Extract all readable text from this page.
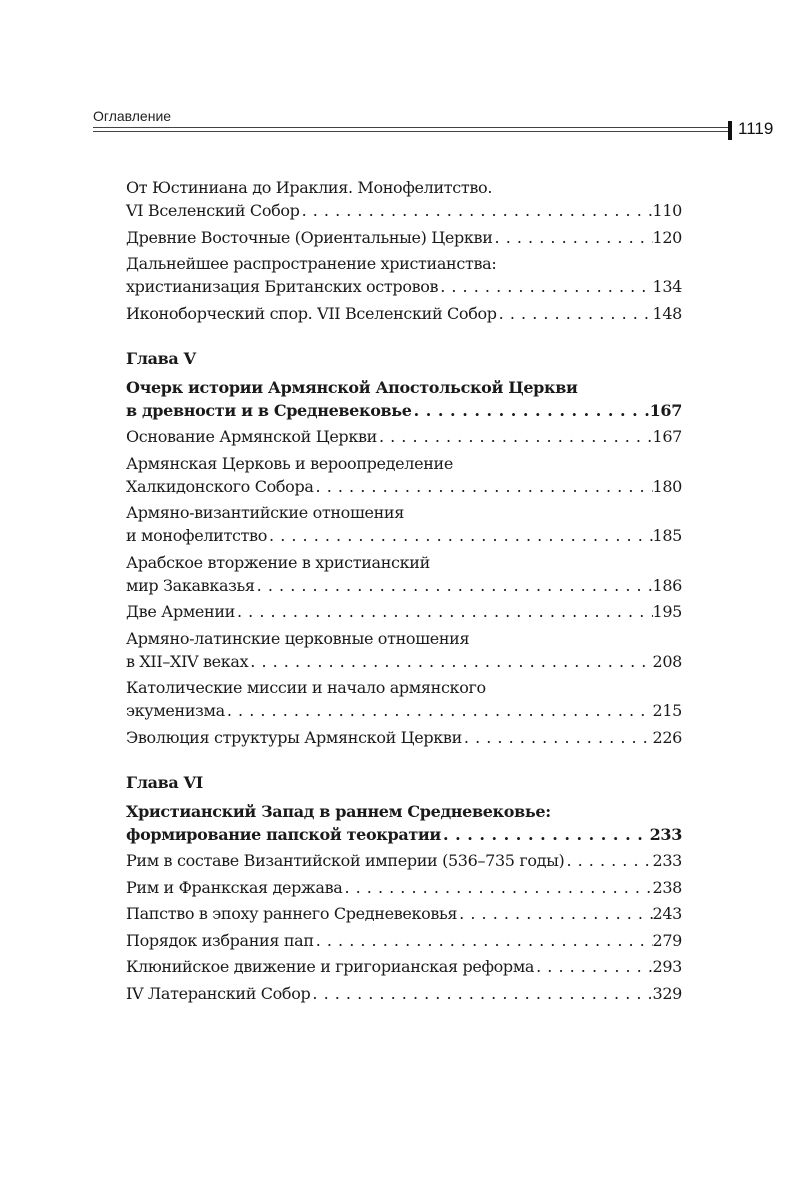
Оглавление
1119
От Юстиниана до Ираклия. Монофелитство.
VI Вселенский Собор . . .	110
Древние Восточные (Ориентальные) Церкви . . .	120
Дальнейшее распространение христианства:
христианизация Британских островов . . .	134
Иконоборческий спор. VII Вселенский Собор . . .	148
Глава V
Очерк истории Армянской Апостольской Церкви
в древности и в Средневековье . . .	167
Основание Армянской Церкви . . .	167
Армянская Церковь и вероопределение
Халкидонского Собора . . .	180
Армяно-византийские отношения
и монофелитство . . .	185
Арабское вторжение в христианский
мир Закавказья . . .	186
Две Армении . . .	195
Армяно-латинские церковные отношения
в XII–XIV веках . . .	208
Католические миссии и начало армянского
экуменизма . . .	215
Эволюция структуры Армянской Церкви . . .	226
Глава VI
Христианский Запад в раннем Средневековье:
формирование папской теократии . . .	233
Рим в составе Византийской империи (536–735 годы) . . .	233
Рим и Франкская держава . . .	238
Папство в эпоху раннего Средневековья . . .	243
Порядок избрания пап . . .	279
Клюнийское движение и григорианская реформа . . .	293
IV Латеранский Собор . . .	329
